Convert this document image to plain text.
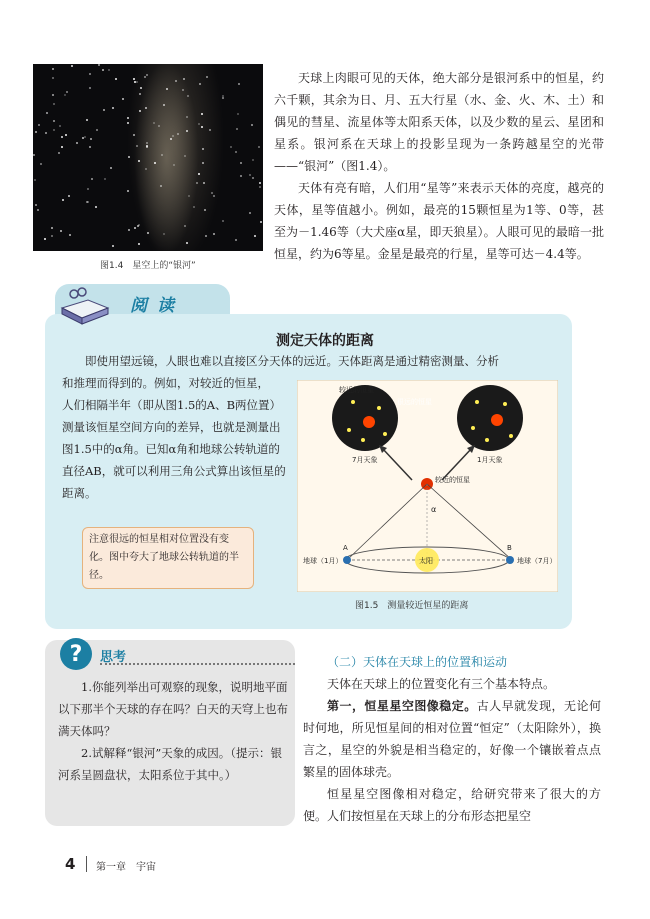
图1.4　星空上的“银河”

天球上肉眼可见的天体，绝大部分是银河系中的恒星，约六千颗，其余为日、月、五大行星（水、金、火、木、土）和偶见的彗星、流星体等太阳系天体，以及少数的星云、星团和星系。银河系在天球上的投影呈现为一条跨越星空的光带——“银河”（图1.4）。

天体有亮有暗，人们用“星等”来表示天体的亮度，越亮的天体，星等值越小。例如，最亮的15颗恒星为1等、0等，甚至为－1.46等（大犬座α星，即天狼星）。人眼可见的最暗一批恒星，约为6等星。金星是最亮的行星，星等可达－4.4等。

阅读
测定天体的距离
即使用望远镜，人眼也难以直接区分天体的远近。天体距离是通过精密测量、分析
和推理而得到的。例如，对较近的恒星，
人们相隔半年（即从图1.5的A、B两位置）测量该恒星空间方向的差异，也就是测量出图1.5中的α角。已知α角和地球公转轨道的直径AB，就可以利用三角公式算出该恒星的距离。
注意很远的恒星相对位置没有变化。图中夸大了地球公转轨道的半径。
较近的恒星
很远的恒星
7月天象	1月天象
较近的恒星
α
A	B
地球（1月）	太阳	地球（7月）
图1.5　测量较近恒星的距离
? 思考

1.你能列举出可观察的现象，说明地平面以下那半个天球的存在吗？白天的天穹上也布满天体吗？

2.试解释“银河”天象的成因。（提示：银河系呈圆盘状，太阳系位于其中。）

（二）天体在天球上的位置和运动

天体在天球上的位置变化有三个基本特点。

第一，恒星星空图像稳定。古人早就发现，无论何时何地，所见恒星间的相对位置“恒定”（太阳除外），换言之，星空的外貌是相当稳定的，好像一个镶嵌着点点繁星的固体球壳。

恒星星空图像相对稳定，给研究带来了很大的方便。人们按恒星在天球上的分布形态把星空

4 第一章　宇宙
